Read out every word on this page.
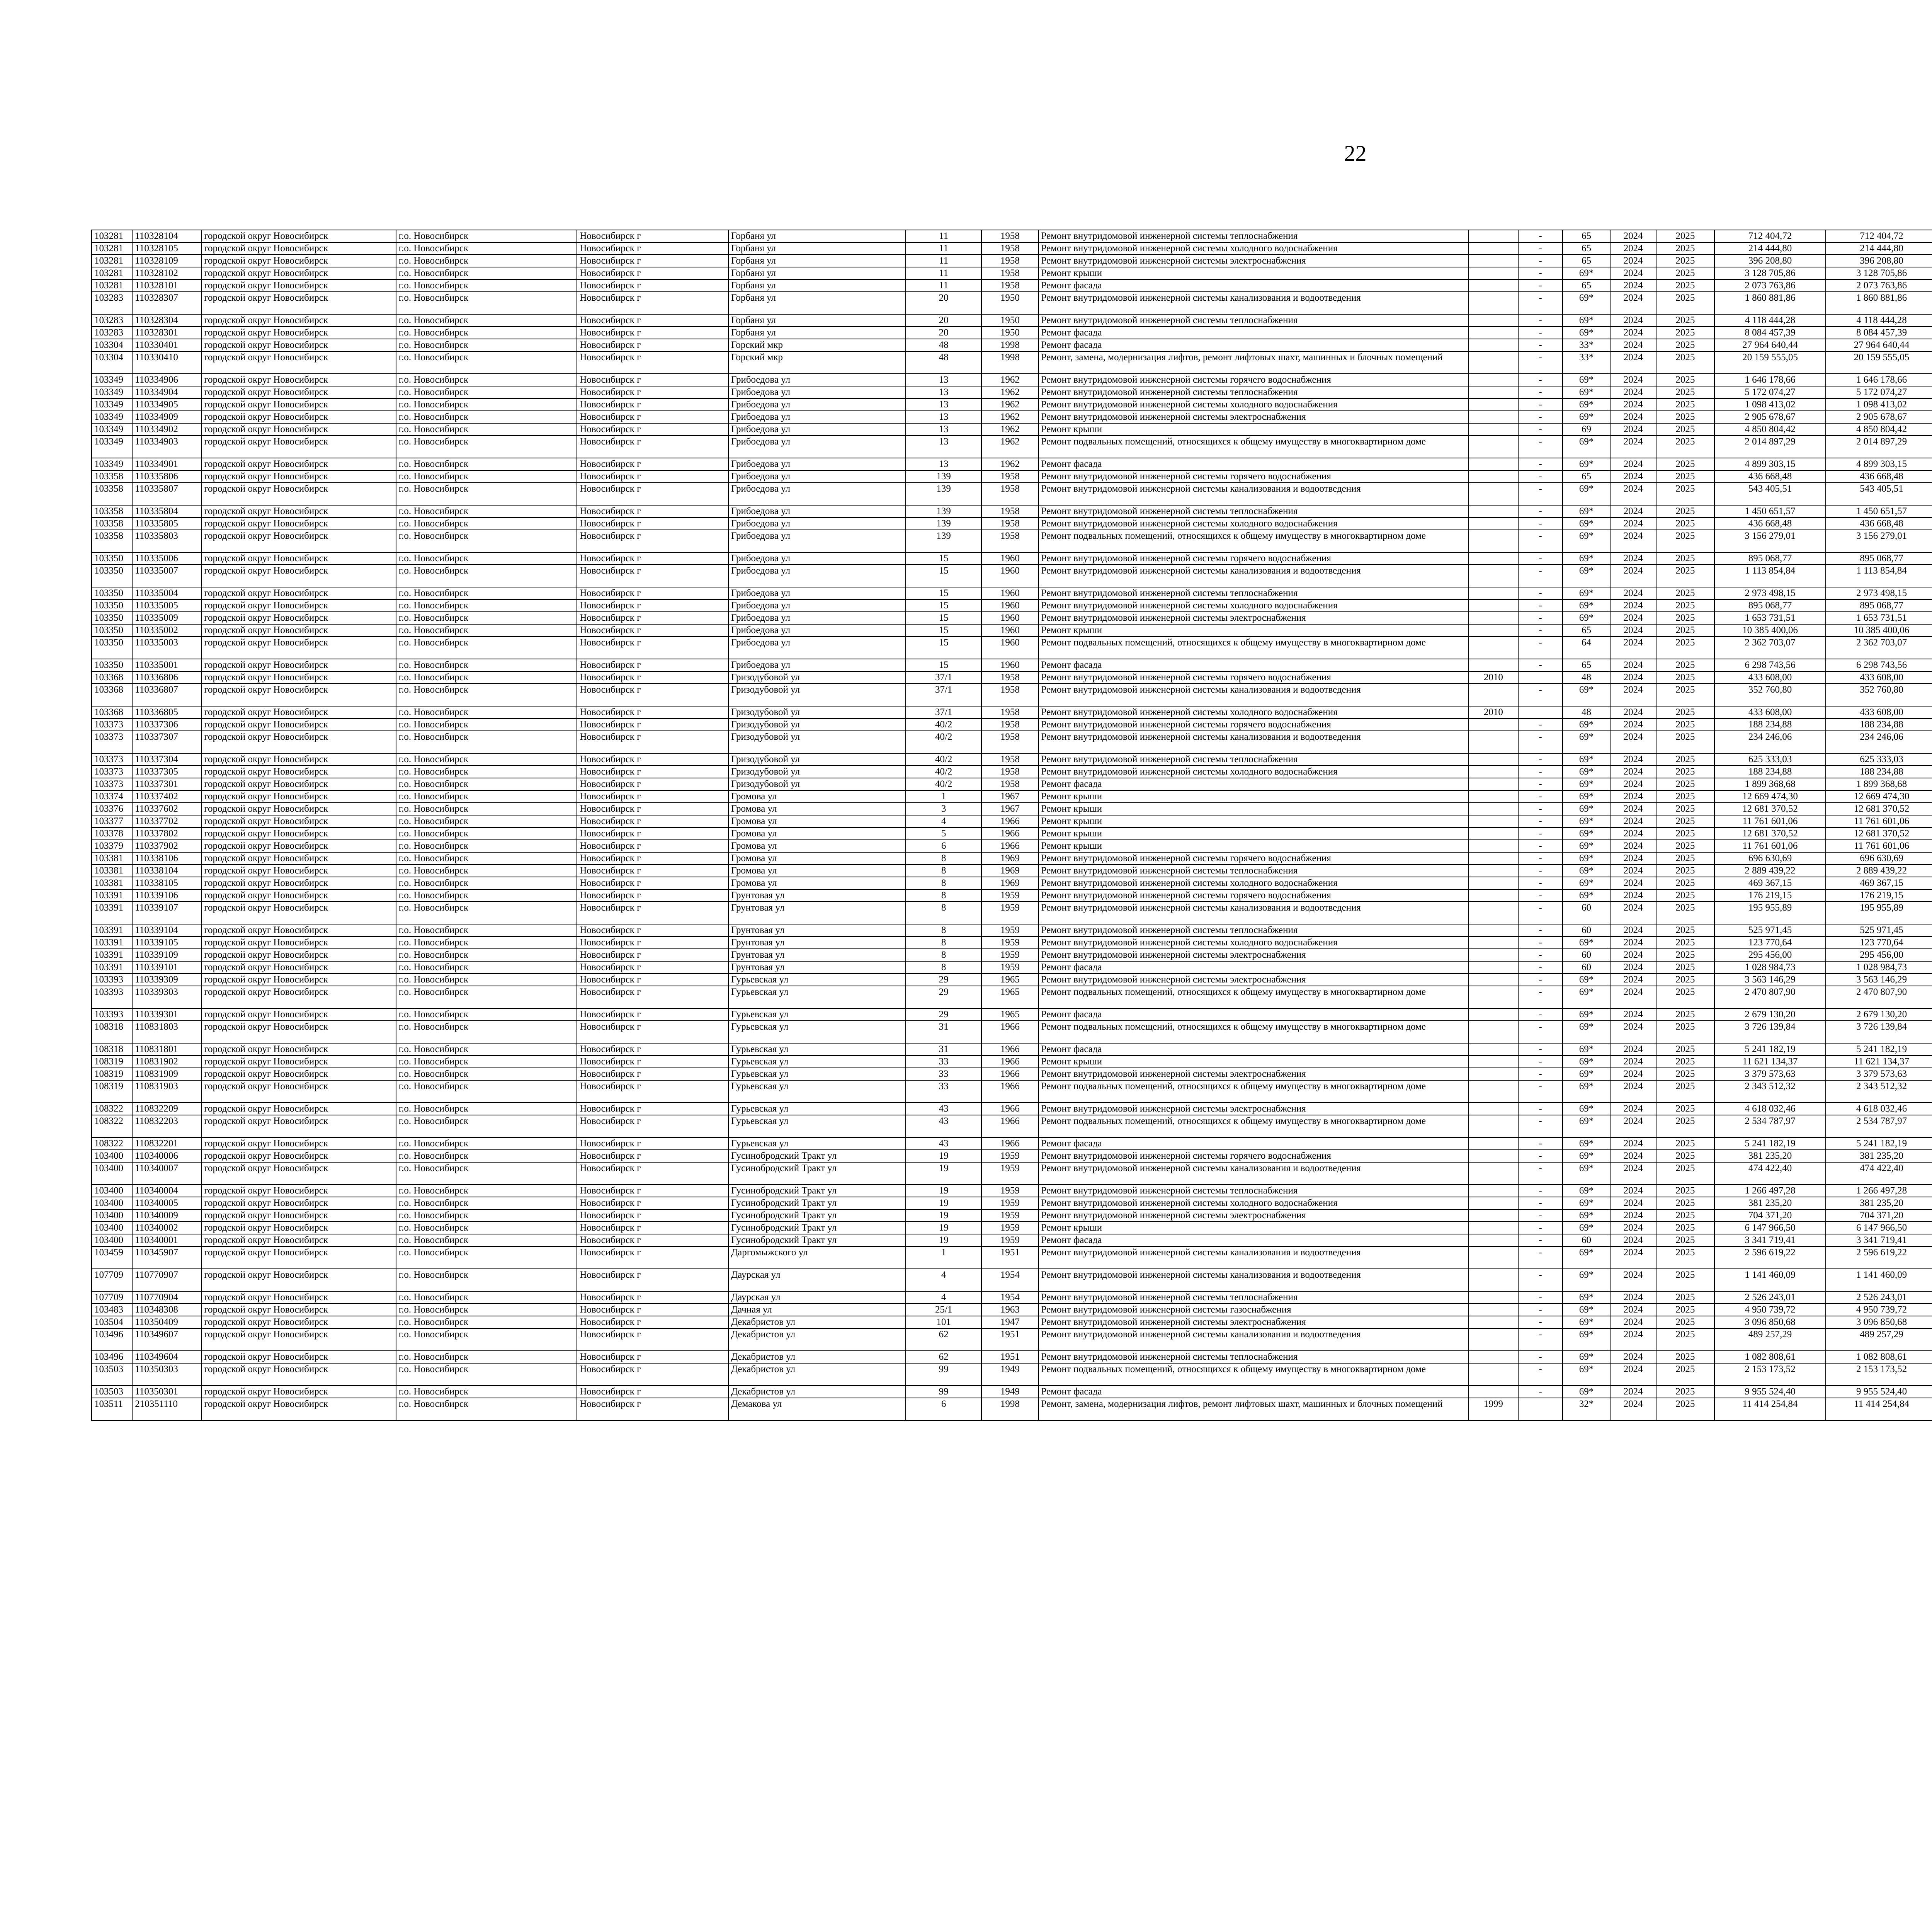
22
103281	110328104	городской округ Новосибирск	г.о. Новосибирск	Новосибирск г	Горбаня ул	11	1958	Ремонт внутридомовой инженерной системы теплоснабжения		-	65	2024	2025	712 404,72	712 404,72						
103281	110328105	городской округ Новосибирск	г.о. Новосибирск	Новосибирск г	Горбаня ул	11	1958	Ремонт внутридомовой инженерной системы холодного водоснабжения		-	65	2024	2025	214 444,80	214 444,80						
103281	110328109	городской округ Новосибирск	г.о. Новосибирск	Новосибирск г	Горбаня ул	11	1958	Ремонт внутридомовой инженерной системы электроснабжения		-	65	2024	2025	396 208,80	396 208,80						
103281	110328102	городской округ Новосибирск	г.о. Новосибирск	Новосибирск г	Горбаня ул	11	1958	Ремонт крыши		-	69*	2024	2025	3 128 705,86	3 128 705,86						
103281	110328101	городской округ Новосибирск	г.о. Новосибирск	Новосибирск г	Горбаня ул	11	1958	Ремонт фасада		-	65	2024	2025	2 073 763,86	2 073 763,86						
103283	110328307	городской округ Новосибирск	г.о. Новосибирск	Новосибирск г	Горбаня ул	20	1950	Ремонт внутридомовой инженерной системы канализования и водоотведения		-	69*	2024	2025	1 860 881,86	1 860 881,86						
103283	110328304	городской округ Новосибирск	г.о. Новосибирск	Новосибирск г	Горбаня ул	20	1950	Ремонт внутридомовой инженерной системы теплоснабжения		-	69*	2024	2025	4 118 444,28	4 118 444,28						
103283	110328301	городской округ Новосибирск	г.о. Новосибирск	Новосибирск г	Горбаня ул	20	1950	Ремонт фасада		-	69*	2024	2025	8 084 457,39	8 084 457,39						
103304	110330401	городской округ Новосибирск	г.о. Новосибирск	Новосибирск г	Горский мкр	48	1998	Ремонт фасада		-	33*	2024	2025	27 964 640,44	27 964 640,44						
103304	110330410	городской округ Новосибирск	г.о. Новосибирск	Новосибирск г	Горский мкр	48	1998	Ремонт, замена, модернизация лифтов, ремонт лифтовых шахт, машинных и блочных помещений		-	33*	2024	2025	20 159 555,05	20 159 555,05						
103349	110334906	городской округ Новосибирск	г.о. Новосибирск	Новосибирск г	Грибоедова ул	13	1962	Ремонт внутридомовой инженерной системы горячего водоснабжения		-	69*	2024	2025	1 646 178,66	1 646 178,66						
103349	110334904	городской округ Новосибирск	г.о. Новосибирск	Новосибирск г	Грибоедова ул	13	1962	Ремонт внутридомовой инженерной системы теплоснабжения		-	69*	2024	2025	5 172 074,27	5 172 074,27						
103349	110334905	городской округ Новосибирск	г.о. Новосибирск	Новосибирск г	Грибоедова ул	13	1962	Ремонт внутридомовой инженерной системы холодного водоснабжения		-	69*	2024	2025	1 098 413,02	1 098 413,02						
103349	110334909	городской округ Новосибирск	г.о. Новосибирск	Новосибирск г	Грибоедова ул	13	1962	Ремонт внутридомовой инженерной системы электроснабжения		-	69*	2024	2025	2 905 678,67	2 905 678,67						
103349	110334902	городской округ Новосибирск	г.о. Новосибирск	Новосибирск г	Грибоедова ул	13	1962	Ремонт крыши		-	69	2024	2025	4 850 804,42	4 850 804,42						
103349	110334903	городской округ Новосибирск	г.о. Новосибирск	Новосибирск г	Грибоедова ул	13	1962	Ремонт подвальных помещений, относящихся к общему имуществу в многоквартирном доме		-	69*	2024	2025	2 014 897,29	2 014 897,29						
103349	110334901	городской округ Новосибирск	г.о. Новосибирск	Новосибирск г	Грибоедова ул	13	1962	Ремонт фасада		-	69*	2024	2025	4 899 303,15	4 899 303,15						
103358	110335806	городской округ Новосибирск	г.о. Новосибирск	Новосибирск г	Грибоедова ул	139	1958	Ремонт внутридомовой инженерной системы горячего водоснабжения		-	65	2024	2025	436 668,48	436 668,48						
103358	110335807	городской округ Новосибирск	г.о. Новосибирск	Новосибирск г	Грибоедова ул	139	1958	Ремонт внутридомовой инженерной системы канализования и водоотведения		-	69*	2024	2025	543 405,51	543 405,51						
103358	110335804	городской округ Новосибирск	г.о. Новосибирск	Новосибирск г	Грибоедова ул	139	1958	Ремонт внутридомовой инженерной системы теплоснабжения		-	69*	2024	2025	1 450 651,57	1 450 651,57						
103358	110335805	городской округ Новосибирск	г.о. Новосибирск	Новосибирск г	Грибоедова ул	139	1958	Ремонт внутридомовой инженерной системы холодного водоснабжения		-	69*	2024	2025	436 668,48	436 668,48						
103358	110335803	городской округ Новосибирск	г.о. Новосибирск	Новосибирск г	Грибоедова ул	139	1958	Ремонт подвальных помещений, относящихся к общему имуществу в многоквартирном доме		-	69*	2024	2025	3 156 279,01	3 156 279,01						
103350	110335006	городской округ Новосибирск	г.о. Новосибирск	Новосибирск г	Грибоедова ул	15	1960	Ремонт внутридомовой инженерной системы горячего водоснабжения		-	69*	2024	2025	895 068,77	895 068,77						
103350	110335007	городской округ Новосибирск	г.о. Новосибирск	Новосибирск г	Грибоедова ул	15	1960	Ремонт внутридомовой инженерной системы канализования и водоотведения		-	69*	2024	2025	1 113 854,84	1 113 854,84						
103350	110335004	городской округ Новосибирск	г.о. Новосибирск	Новосибирск г	Грибоедова ул	15	1960	Ремонт внутридомовой инженерной системы теплоснабжения		-	69*	2024	2025	2 973 498,15	2 973 498,15						
103350	110335005	городской округ Новосибирск	г.о. Новосибирск	Новосибирск г	Грибоедова ул	15	1960	Ремонт внутридомовой инженерной системы холодного водоснабжения		-	69*	2024	2025	895 068,77	895 068,77						
103350	110335009	городской округ Новосибирск	г.о. Новосибирск	Новосибирск г	Грибоедова ул	15	1960	Ремонт внутридомовой инженерной системы электроснабжения		-	69*	2024	2025	1 653 731,51	1 653 731,51						
103350	110335002	городской округ Новосибирск	г.о. Новосибирск	Новосибирск г	Грибоедова ул	15	1960	Ремонт крыши		-	65	2024	2025	10 385 400,06	10 385 400,06						
103350	110335003	городской округ Новосибирск	г.о. Новосибирск	Новосибирск г	Грибоедова ул	15	1960	Ремонт подвальных помещений, относящихся к общему имуществу в многоквартирном доме		-	64	2024	2025	2 362 703,07	2 362 703,07						
103350	110335001	городской округ Новосибирск	г.о. Новосибирск	Новосибирск г	Грибоедова ул	15	1960	Ремонт фасада		-	65	2024	2025	6 298 743,56	6 298 743,56						
103368	110336806	городской округ Новосибирск	г.о. Новосибирск	Новосибирск г	Гризодубовой ул	37/1	1958	Ремонт внутридомовой инженерной системы горячего водоснабжения	2010		48	2024	2025	433 608,00	433 608,00						
103368	110336807	городской округ Новосибирск	г.о. Новосибирск	Новосибирск г	Гризодубовой ул	37/1	1958	Ремонт внутридомовой инженерной системы канализования и водоотведения		-	69*	2024	2025	352 760,80	352 760,80						
103368	110336805	городской округ Новосибирск	г.о. Новосибирск	Новосибирск г	Гризодубовой ул	37/1	1958	Ремонт внутридомовой инженерной системы холодного водоснабжения	2010		48	2024	2025	433 608,00	433 608,00						
103373	110337306	городской округ Новосибирск	г.о. Новосибирск	Новосибирск г	Гризодубовой ул	40/2	1958	Ремонт внутридомовой инженерной системы горячего водоснабжения		-	69*	2024	2025	188 234,88	188 234,88						
103373	110337307	городской округ Новосибирск	г.о. Новосибирск	Новосибирск г	Гризодубовой ул	40/2	1958	Ремонт внутридомовой инженерной системы канализования и водоотведения		-	69*	2024	2025	234 246,06	234 246,06						
103373	110337304	городской округ Новосибирск	г.о. Новосибирск	Новосибирск г	Гризодубовой ул	40/2	1958	Ремонт внутридомовой инженерной системы теплоснабжения		-	69*	2024	2025	625 333,03	625 333,03						
103373	110337305	городской округ Новосибирск	г.о. Новосибирск	Новосибирск г	Гризодубовой ул	40/2	1958	Ремонт внутридомовой инженерной системы холодного водоснабжения		-	69*	2024	2025	188 234,88	188 234,88						
103373	110337301	городской округ Новосибирск	г.о. Новосибирск	Новосибирск г	Гризодубовой ул	40/2	1958	Ремонт фасада		-	69*	2024	2025	1 899 368,68	1 899 368,68						
103374	110337402	городской округ Новосибирск	г.о. Новосибирск	Новосибирск г	Громова ул	1	1967	Ремонт крыши		-	69*	2024	2025	12 669 474,30	12 669 474,30						
103376	110337602	городской округ Новосибирск	г.о. Новосибирск	Новосибирск г	Громова ул	3	1967	Ремонт крыши		-	69*	2024	2025	12 681 370,52	12 681 370,52						
103377	110337702	городской округ Новосибирск	г.о. Новосибирск	Новосибирск г	Громова ул	4	1966	Ремонт крыши		-	69*	2024	2025	11 761 601,06	11 761 601,06						
103378	110337802	городской округ Новосибирск	г.о. Новосибирск	Новосибирск г	Громова ул	5	1966	Ремонт крыши		-	69*	2024	2025	12 681 370,52	12 681 370,52						
103379	110337902	городской округ Новосибирск	г.о. Новосибирск	Новосибирск г	Громова ул	6	1966	Ремонт крыши		-	69*	2024	2025	11 761 601,06	11 761 601,06						
103381	110338106	городской округ Новосибирск	г.о. Новосибирск	Новосибирск г	Громова ул	8	1969	Ремонт внутридомовой инженерной системы горячего водоснабжения		-	69*	2024	2025	696 630,69	696 630,69						
103381	110338104	городской округ Новосибирск	г.о. Новосибирск	Новосибирск г	Громова ул	8	1969	Ремонт внутридомовой инженерной системы теплоснабжения		-	69*	2024	2025	2 889 439,22	2 889 439,22						
103381	110338105	городской округ Новосибирск	г.о. Новосибирск	Новосибирск г	Громова ул	8	1969	Ремонт внутридомовой инженерной системы холодного водоснабжения		-	69*	2024	2025	469 367,15	469 367,15						
103391	110339106	городской округ Новосибирск	г.о. Новосибирск	Новосибирск г	Грунтовая ул	8	1959	Ремонт внутридомовой инженерной системы горячего водоснабжения		-	69*	2024	2025	176 219,15	176 219,15						
103391	110339107	городской округ Новосибирск	г.о. Новосибирск	Новосибирск г	Грунтовая ул	8	1959	Ремонт внутридомовой инженерной системы канализования и водоотведения		-	60	2024	2025	195 955,89	195 955,89						
103391	110339104	городской округ Новосибирск	г.о. Новосибирск	Новосибирск г	Грунтовая ул	8	1959	Ремонт внутридомовой инженерной системы теплоснабжения		-	60	2024	2025	525 971,45	525 971,45						
103391	110339105	городской округ Новосибирск	г.о. Новосибирск	Новосибирск г	Грунтовая ул	8	1959	Ремонт внутридомовой инженерной системы холодного водоснабжения		-	69*	2024	2025	123 770,64	123 770,64						
103391	110339109	городской округ Новосибирск	г.о. Новосибирск	Новосибирск г	Грунтовая ул	8	1959	Ремонт внутридомовой инженерной системы электроснабжения		-	60	2024	2025	295 456,00	295 456,00						
103391	110339101	городской округ Новосибирск	г.о. Новосибирск	Новосибирск г	Грунтовая ул	8	1959	Ремонт фасада		-	60	2024	2025	1 028 984,73	1 028 984,73						
103393	110339309	городской округ Новосибирск	г.о. Новосибирск	Новосибирск г	Гурьевская ул	29	1965	Ремонт внутридомовой инженерной системы электроснабжения		-	69*	2024	2025	3 563 146,29	3 563 146,29						
103393	110339303	городской округ Новосибирск	г.о. Новосибирск	Новосибирск г	Гурьевская ул	29	1965	Ремонт подвальных помещений, относящихся к общему имуществу в многоквартирном доме		-	69*	2024	2025	2 470 807,90	2 470 807,90						
103393	110339301	городской округ Новосибирск	г.о. Новосибирск	Новосибирск г	Гурьевская ул	29	1965	Ремонт фасада		-	69*	2024	2025	2 679 130,20	2 679 130,20						
108318	110831803	городской округ Новосибирск	г.о. Новосибирск	Новосибирск г	Гурьевская ул	31	1966	Ремонт подвальных помещений, относящихся к общему имуществу в многоквартирном доме		-	69*	2024	2025	3 726 139,84	3 726 139,84						
108318	110831801	городской округ Новосибирск	г.о. Новосибирск	Новосибирск г	Гурьевская ул	31	1966	Ремонт фасада		-	69*	2024	2025	5 241 182,19	5 241 182,19						
108319	110831902	городской округ Новосибирск	г.о. Новосибирск	Новосибирск г	Гурьевская ул	33	1966	Ремонт крыши		-	69*	2024	2025	11 621 134,37	11 621 134,37						
108319	110831909	городской округ Новосибирск	г.о. Новосибирск	Новосибирск г	Гурьевская ул	33	1966	Ремонт внутридомовой инженерной системы электроснабжения		-	69*	2024	2025	3 379 573,63	3 379 573,63						
108319	110831903	городской округ Новосибирск	г.о. Новосибирск	Новосибирск г	Гурьевская ул	33	1966	Ремонт подвальных помещений, относящихся к общему имуществу в многоквартирном доме		-	69*	2024	2025	2 343 512,32	2 343 512,32						
108322	110832209	городской округ Новосибирск	г.о. Новосибирск	Новосибирск г	Гурьевская ул	43	1966	Ремонт внутридомовой инженерной системы электроснабжения		-	69*	2024	2025	4 618 032,46	4 618 032,46						
108322	110832203	городской округ Новосибирск	г.о. Новосибирск	Новосибирск г	Гурьевская ул	43	1966	Ремонт подвальных помещений, относящихся к общему имуществу в многоквартирном доме		-	69*	2024	2025	2 534 787,97	2 534 787,97						
108322	110832201	городской округ Новосибирск	г.о. Новосибирск	Новосибирск г	Гурьевская ул	43	1966	Ремонт фасада		-	69*	2024	2025	5 241 182,19	5 241 182,19						
103400	110340006	городской округ Новосибирск	г.о. Новосибирск	Новосибирск г	Гусинобродский Тракт ул	19	1959	Ремонт внутридомовой инженерной системы горячего водоснабжения		-	69*	2024	2025	381 235,20	381 235,20						
103400	110340007	городской округ Новосибирск	г.о. Новосибирск	Новосибирск г	Гусинобродский Тракт ул	19	1959	Ремонт внутридомовой инженерной системы канализования и водоотведения		-	69*	2024	2025	474 422,40	474 422,40						
103400	110340004	городской округ Новосибирск	г.о. Новосибирск	Новосибирск г	Гусинобродский Тракт ул	19	1959	Ремонт внутридомовой инженерной системы теплоснабжения		-	69*	2024	2025	1 266 497,28	1 266 497,28						
103400	110340005	городской округ Новосибирск	г.о. Новосибирск	Новосибирск г	Гусинобродский Тракт ул	19	1959	Ремонт внутридомовой инженерной системы холодного водоснабжения		-	69*	2024	2025	381 235,20	381 235,20						
103400	110340009	городской округ Новосибирск	г.о. Новосибирск	Новосибирск г	Гусинобродский Тракт ул	19	1959	Ремонт внутридомовой инженерной системы электроснабжения		-	69*	2024	2025	704 371,20	704 371,20						
103400	110340002	городской округ Новосибирск	г.о. Новосибирск	Новосибирск г	Гусинобродский Тракт ул	19	1959	Ремонт крыши		-	69*	2024	2025	6 147 966,50	6 147 966,50						
103400	110340001	городской округ Новосибирск	г.о. Новосибирск	Новосибирск г	Гусинобродский Тракт ул	19	1959	Ремонт фасада		-	60	2024	2025	3 341 719,41	3 341 719,41						
103459	110345907	городской округ Новосибирск	г.о. Новосибирск	Новосибирск г	Даргомыжского ул	1	1951	Ремонт внутридомовой инженерной системы канализования и водоотведения		-	69*	2024	2025	2 596 619,22	2 596 619,22						
107709	110770907	городской округ Новосибирск	г.о. Новосибирск	Новосибирск г	Даурская ул	4	1954	Ремонт внутридомовой инженерной системы канализования и водоотведения		-	69*	2024	2025	1 141 460,09	1 141 460,09						
107709	110770904	городской округ Новосибирск	г.о. Новосибирск	Новосибирск г	Даурская ул	4	1954	Ремонт внутридомовой инженерной системы теплоснабжения		-	69*	2024	2025	2 526 243,01	2 526 243,01						
103483	110348308	городской округ Новосибирск	г.о. Новосибирск	Новосибирск г	Дачная ул	25/1	1963	Ремонт внутридомовой инженерной системы газоснабжения		-	69*	2024	2025	4 950 739,72	4 950 739,72						
103504	110350409	городской округ Новосибирск	г.о. Новосибирск	Новосибирск г	Декабристов ул	101	1947	Ремонт внутридомовой инженерной системы электроснабжения		-	69*	2024	2025	3 096 850,68	3 096 850,68						
103496	110349607	городской округ Новосибирск	г.о. Новосибирск	Новосибирск г	Декабристов ул	62	1951	Ремонт внутридомовой инженерной системы канализования и водоотведения		-	69*	2024	2025	489 257,29	489 257,29						
103496	110349604	городской округ Новосибирск	г.о. Новосибирск	Новосибирск г	Декабристов ул	62	1951	Ремонт внутридомовой инженерной системы теплоснабжения		-	69*	2024	2025	1 082 808,61	1 082 808,61						
103503	110350303	городской округ Новосибирск	г.о. Новосибирск	Новосибирск г	Декабристов ул	99	1949	Ремонт подвальных помещений, относящихся к общему имуществу в многоквартирном доме		-	69*	2024	2025	2 153 173,52	2 153 173,52						
103503	110350301	городской округ Новосибирск	г.о. Новосибирск	Новосибирск г	Декабристов ул	99	1949	Ремонт фасада		-	69*	2024	2025	9 955 524,40	9 955 524,40						
103511	210351110	городской округ Новосибирск	г.о. Новосибирск	Новосибирск г	Демакова ул	6	1998	Ремонт, замена, модернизация лифтов, ремонт лифтовых шахт, машинных и блочных помещений	1999		32*	2024	2025	11 414 254,84	11 414 254,84						
